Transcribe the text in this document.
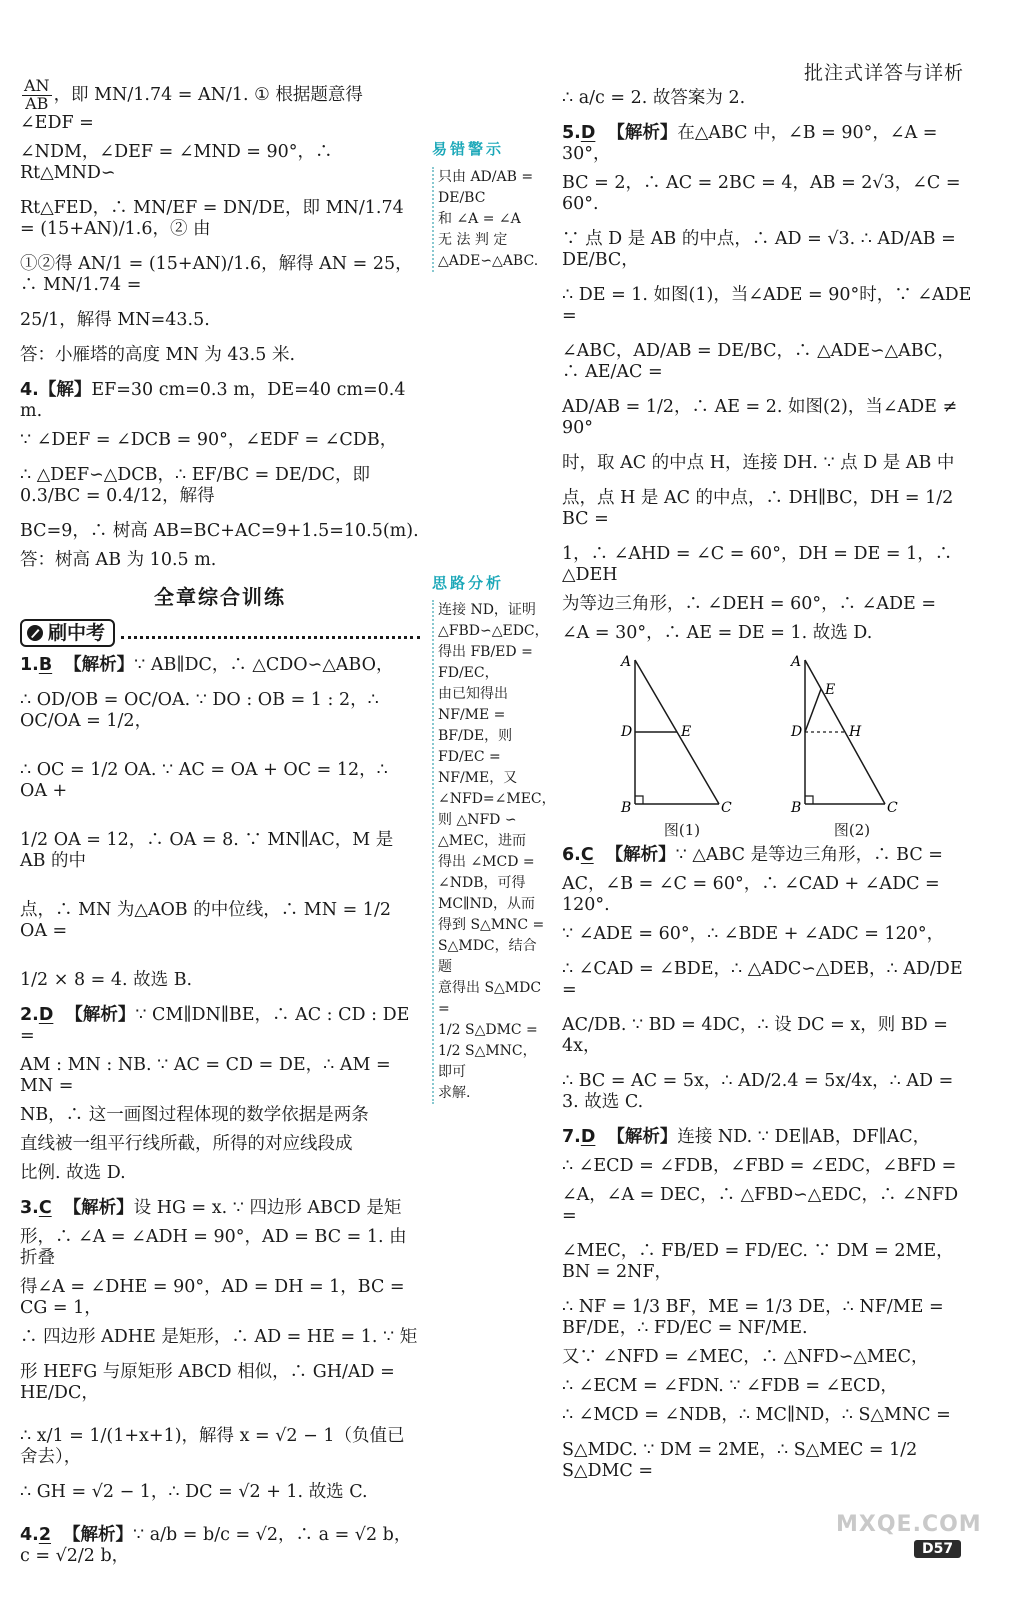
批注式详答与详析

$\frac{AN}{AB}$ ，即 MN/1.74 = AN/1. ① 根据题意得 ∠EDF =

∠NDM，∠DEF = ∠MND = 90°，∴ Rt△MND∽

Rt△FED，∴ MN/EF = DN/DE，即 MN/1.74 = (15+AN)/1.6，② 由

①②得 AN/1 = (15+AN)/1.6，解得 AN = 25，∴ MN/1.74 =

25/1，解得 MN=43.5.

答：小雁塔的高度 MN 为 43.5 米.

4.【解】EF=30 cm=0.3 m，DE=40 cm=0.4 m.

∵ ∠DEF = ∠DCB = 90°，∠EDF = ∠CDB，

∴ △DEF∽△DCB，∴ EF/BC = DE/DC，即 0.3/BC = 0.4/12，解得

BC=9，∴ 树高 AB=BC+AC=9+1.5=10.5(m).

答：树高 AB 为 10.5 m.

全章综合训练
刷中考

1.B 【解析】∵ AB∥DC，∴ △CDO∽△ABO，

∴ OD/OB = OC/OA. ∵ DO : OB = 1 : 2，∴ OC/OA = 1/2，

∴ OC = 1/2 OA. ∵ AC = OA + OC = 12，∴ OA +

1/2 OA = 12，∴ OA = 8. ∵ MN∥AC，M 是 AB 的中

点，∴ MN 为△AOB 的中位线，∴ MN = 1/2 OA =

1/2 × 8 = 4. 故选 B.

2.D 【解析】∵ CM∥DN∥BE，∴ AC : CD : DE =

AM : MN : NB. ∵ AC = CD = DE，∴ AM = MN =

NB，∴ 这一画图过程体现的数学依据是两条

直线被一组平行线所截，所得的对应线段成

比例. 故选 D.

3.C 【解析】设 HG = x. ∵ 四边形 ABCD 是矩

形，∴ ∠A = ∠ADH = 90°，AD = BC = 1. 由折叠

得∠A = ∠DHE = 90°，AD = DH = 1，BC = CG = 1，

∴ 四边形 ADHE 是矩形，∴ AD = HE = 1. ∵ 矩

形 HEFG 与原矩形 ABCD 相似，∴ GH/AD = HE/DC，

∴ x/1 = 1/(1+x+1)，解得 x = √2 − 1（负值已舍去），

∴ GH = √2 − 1，∴ DC = √2 + 1. 故选 C.

4.2 【解析】∵ a/b = b/c = √2，∴ a = √2 b，c = √2/2 b，

易错警示
只由 AD/AB = DE/BC
和 ∠A = ∠A
无 法 判 定
△ADE∽△ABC.
思路分析
连接 ND，证明
△FBD∽△EDC，
得出 FB/ED = FD/EC，
由已知得出
NF/ME = BF/DE，则
FD/EC = NF/ME，又
∠NFD=∠MEC，
则 △NFD ∽
△MEC，进而
得出 ∠MCD =
∠NDB，可得
MC∥ND，从而
得到 S△MNC =
S△MDC，结合题
意得出 S△MDC =
1/2 S△DMC =
1/2 S△MNC，即可
求解.

∴ a/c = 2. 故答案为 2.

5.D 【解析】在△ABC 中，∠B = 90°，∠A = 30°，

BC = 2，∴ AC = 2BC = 4，AB = 2√3，∠C = 60°.

∵ 点 D 是 AB 的中点，∴ AD = √3. ∴ AD/AB = DE/BC，

∴ DE = 1. 如图(1)，当∠ADE = 90°时，∵ ∠ADE =

∠ABC，AD/AB = DE/BC，∴ △ADE∽△ABC，∴ AE/AC =

AD/AB = 1/2，∴ AE = 2. 如图(2)，当∠ADE ≠ 90°

时，取 AC 的中点 H，连接 DH. ∵ 点 D 是 AB 中

点，点 H 是 AC 的中点，∴ DH∥BC，DH = 1/2 BC =

1，∴ ∠AHD = ∠C = 60°，DH = DE = 1，∴ △DEH

为等边三角形，∴ ∠DEH = 60°，∴ ∠ADE =

∠A = 30°，∴ AE = DE = 1. 故选 D.

A
D	E
B	C
图(1)
A
E
D	H
B	C
图(2)

6.C 【解析】∵ △ABC 是等边三角形，∴ BC =

AC，∠B = ∠C = 60°，∴ ∠CAD + ∠ADC = 120°.

∵ ∠ADE = 60°，∴ ∠BDE + ∠ADC = 120°，

∴ ∠CAD = ∠BDE，∴ △ADC∽△DEB，∴ AD/DE =

AC/DB. ∵ BD = 4DC，∴ 设 DC = x，则 BD = 4x，

∴ BC = AC = 5x，∴ AD/2.4 = 5x/4x，∴ AD = 3. 故选 C.

7.D 【解析】连接 ND. ∵ DE∥AB，DF∥AC，

∴ ∠ECD = ∠FDB，∠FBD = ∠EDC，∠BFD =

∠A，∠A = DEC，∴ △FBD∽△EDC，∴ ∠NFD =

∠MEC，∴ FB/ED = FD/EC. ∵ DM = 2ME，BN = 2NF，

∴ NF = 1/3 BF，ME = 1/3 DE，∴ NF/ME = BF/DE，∴ FD/EC = NF/ME.

又∵ ∠NFD = ∠MEC，∴ △NFD∽△MEC，

∴ ∠ECM = ∠FDN. ∵ ∠FDB = ∠ECD，

∴ ∠MCD = ∠NDB，∴ MC∥ND，∴ S△MNC =

S△MDC. ∵ DM = 2ME，∴ S△MEC = 1/2 S△DMC =

MXQE.COM
D57
